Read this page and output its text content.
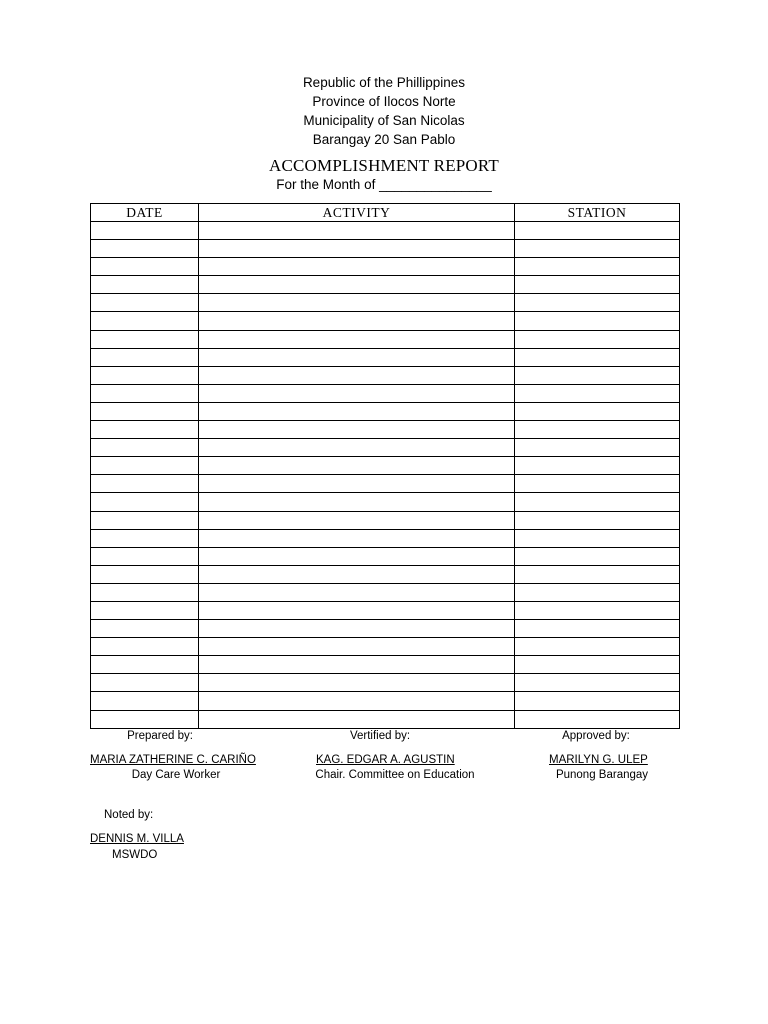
Republic of the Phillippines
Province of Ilocos Norte
Municipality of San Nicolas
Barangay 20 San Pablo
ACCOMPLISHMENT REPORT
For the Month of _______________
DATE	ACTIVITY	STATION

Prepared by:	Vertified by:	Approved by:
MARIA ZATHERINE C. CARIÑO	KAG. EDGAR A. AGUSTIN	MARILYN G. ULEP
Day Care Worker	Chair. Committee on Education	Punong Barangay
Noted by:
DENNIS M. VILLA
MSWDO
